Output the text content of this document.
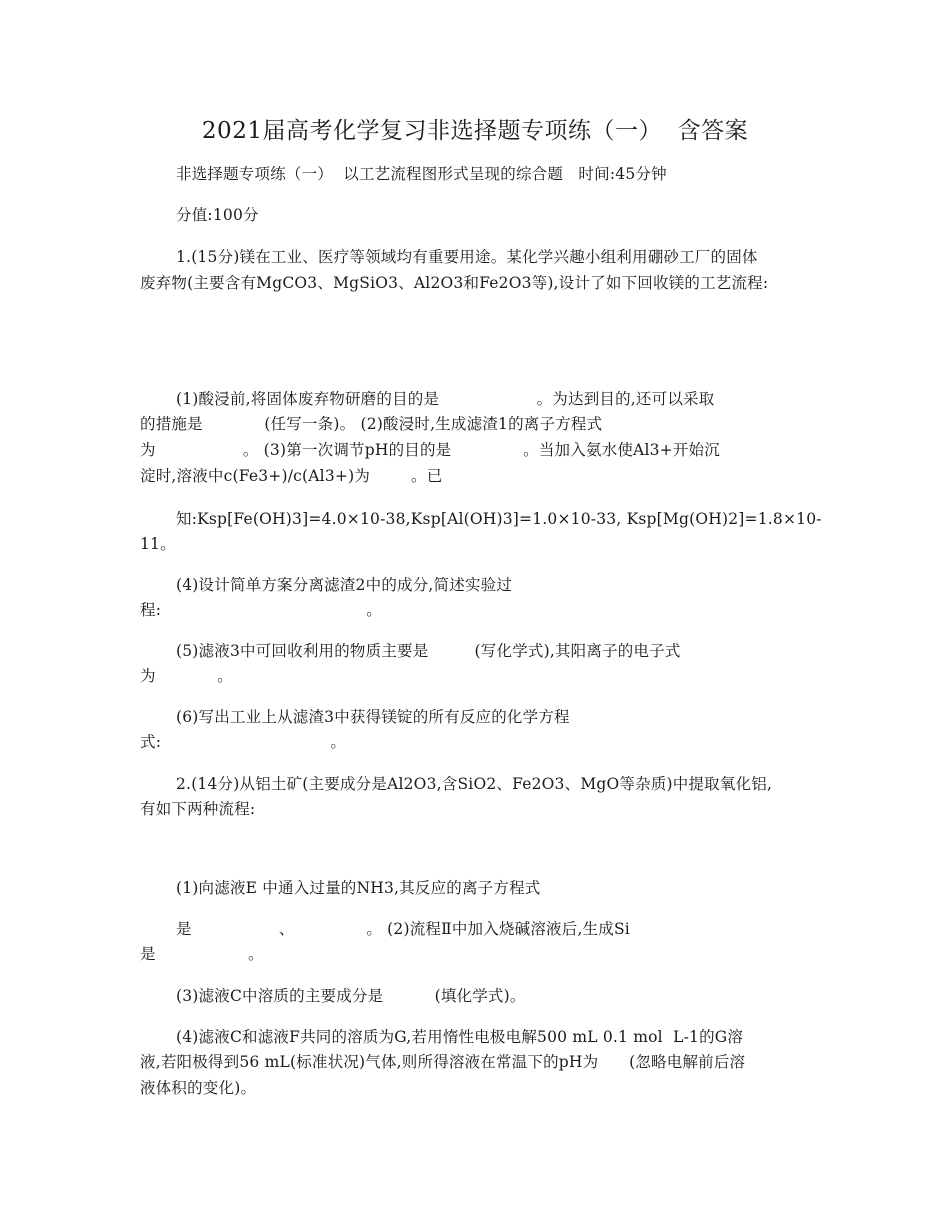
2021届高考化学复习非选择题专项练（一）  含答案
非选择题专项练（一）  以工艺流程图形式呈现的综合题   时间:45分钟
分值:100分
1.(15分)镁在工业、医疗等领域均有重要用途。某化学兴趣小组利用硼砂工厂的固体
废弃物(主要含有MgCO3、MgSiO3、Al2O3和Fe2O3等),设计了如下回收镁的工艺流程:
(1)酸浸前,将固体废弃物研磨的目的是                   。为达到目的,还可以采取
的措施是            (任写一条)。 (2)酸浸时,生成滤渣1的离子方程式
为                 。 (3)第一次调节pH的目的是              。当加入氨水使Al3+开始沉
淀时,溶液中c(Fe3+)/c(Al3+)为        。已
知:Ksp[Fe(OH)3]=4.0×10-38,Ksp[Al(OH)3]=1.0×10-33, Ksp[Mg(OH)2]=1.8×10-
11。
(4)设计简单方案分离滤渣2中的成分,简述实验过
程:                                        。
(5)滤液3中可回收利用的物质主要是         (写化学式),其阳离子的电子式
为            。
(6)写出工业上从滤渣3中获得镁锭的所有反应的化学方程
式:                                 。
2.(14分)从铝土矿(主要成分是Al2O3,含SiO2、Fe2O3、MgO等杂质)中提取氧化铝,
有如下两种流程:
(1)向滤液E 中通入过量的NH3,其反应的离子方程式
是                 、              。 (2)流程Ⅱ中加入烧碱溶液后,生成Si
是                  。
(3)滤液C中溶质的主要成分是          (填化学式)。
(4)滤液C和滤液F共同的溶质为G,若用惰性电极电解500 mL 0.1 mol  L-1的G溶
液,若阳极得到56 mL(标准状况)气体,则所得溶液在常温下的pH为      (忽略电解前后溶
液体积的变化)。
